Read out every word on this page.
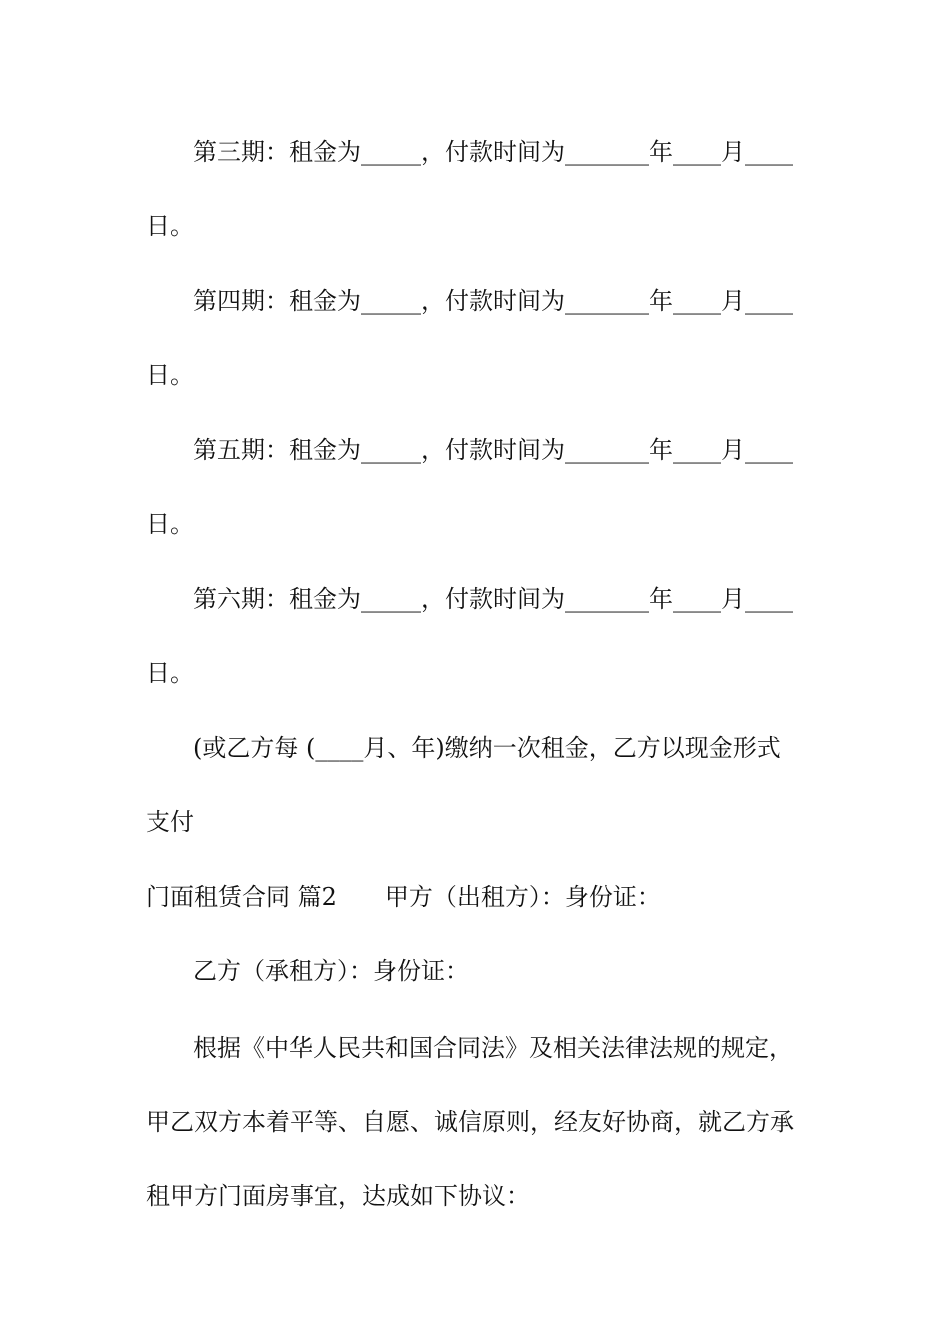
第三期：租金为_____，付款时间为_______年____月____
日。
第四期：租金为_____，付款时间为_______年____月____
日。
第五期：租金为_____，付款时间为_______年____月____
日。
第六期：租金为_____，付款时间为_______年____月____
日。
(或乙方每 (____月、年)缴纳一次租金，乙方以现金形式
支付
门面租赁合同 篇2 甲方（出租方）：身份证：
乙方（承租方）：身份证：
根据《中华人民共和国合同法》及相关法律法规的规定，
甲乙双方本着平等、自愿、诚信原则，经友好协商，就乙方承
租甲方门面房事宜，达成如下协议：
